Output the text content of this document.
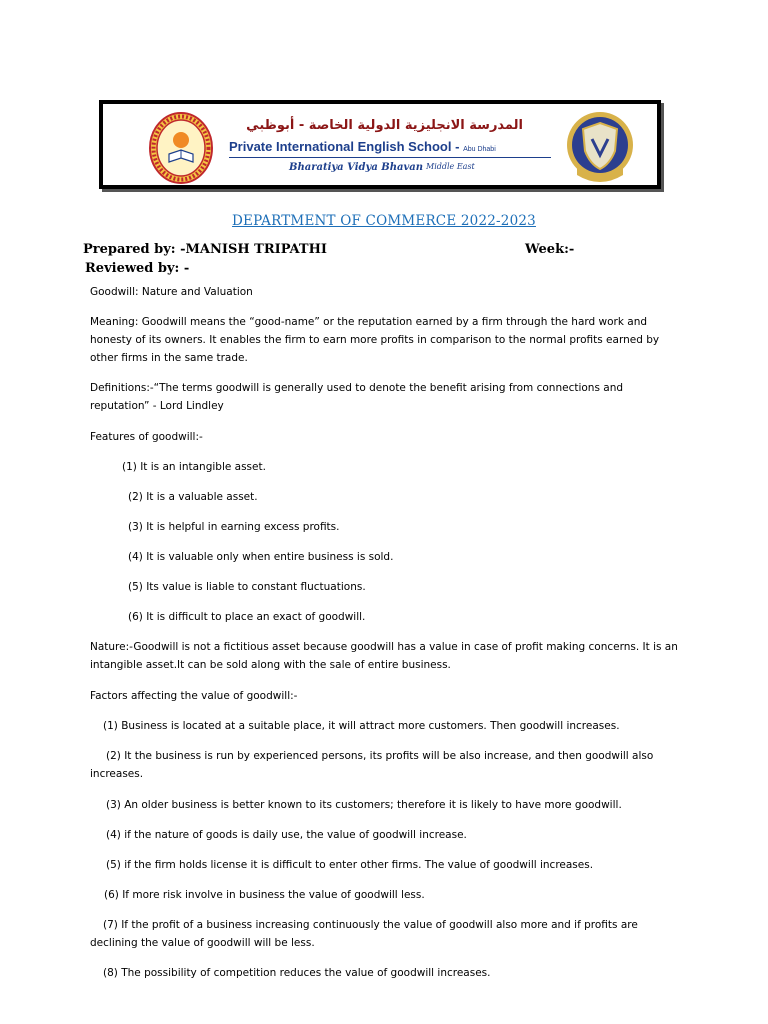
المدرسة الانجليزية الدولية الخاصة - أبوظبي
Private International English School - Abu Dhabi
Bharatiya Vidya Bhavan Middle East
DEPARTMENT OF COMMERCE 2022-2023
Prepared by: -MANISH TRIPATHI	Week:-
Reviewed by: -
Goodwill: Nature and Valuation
Meaning: Goodwill means the “good-name” or the reputation earned by a firm through the hard work and honesty of its owners. It enables the firm to earn more profits in comparison to the normal profits earned by other firms in the same trade.
Definitions:-“The terms goodwill is generally used to denote the benefit arising from connections and reputation” - Lord Lindley
Features of goodwill:-
(1) It is an intangible asset.
(2) It is a valuable asset.
(3) It is helpful in earning excess profits.
(4) It is valuable only when entire business is sold.
(5) Its value is liable to constant fluctuations.
(6) It is difficult to place an exact of goodwill.
Nature:-Goodwill is not a fictitious asset because goodwill has a value in case of profit making concerns. It is an intangible asset.It can be sold along with the sale of entire business.
Factors affecting the value of goodwill:-
(1) Business is located at a suitable place, it will attract more customers. Then goodwill increases.
(2) It the business is run by experienced persons, its profits will be also increase, and then goodwill also increases.
(3) An older business is better known to its customers; therefore it is likely to have more goodwill.
(4) if the nature of goods is daily use, the value of goodwill increase.
(5) if the firm holds license it is difficult to enter other firms. The value of goodwill increases.
(6) If more risk involve in business the value of goodwill less.
(7) If the profit of a business increasing continuously the value of goodwill also more and if profits are declining the value of goodwill will be less.
(8) The possibility of competition reduces the value of goodwill increases.
